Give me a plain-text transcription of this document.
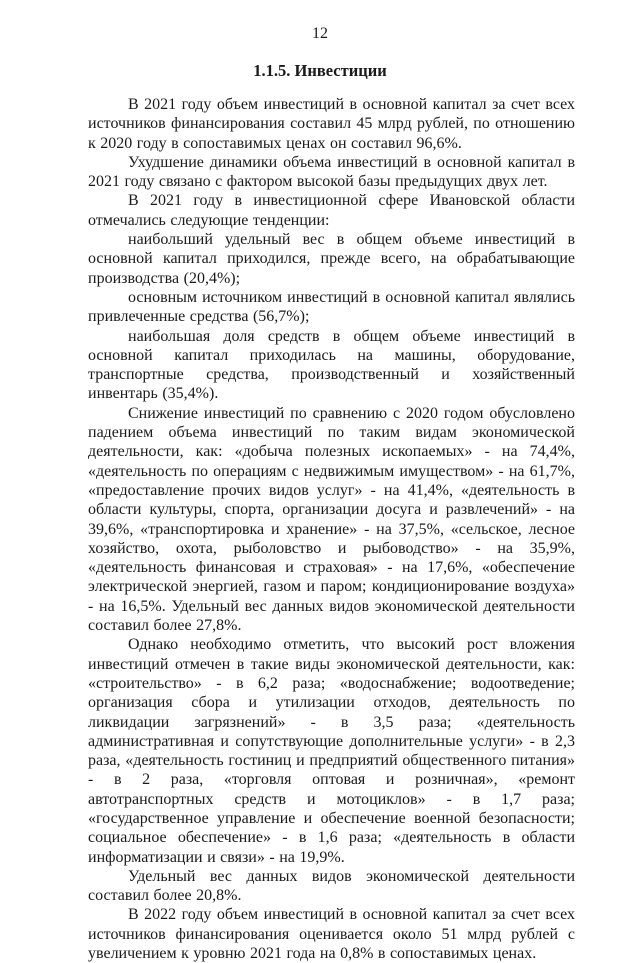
12
1.1.5. Инвестиции

В 2021 году объем инвестиций в основной капитал за счет всех источников финансирования составил 45 млрд рублей, по отношению к 2020 году в сопоставимых ценах он составил 96,6%.

Ухудшение динамики объема инвестиций в основной капитал в 2021 году связано с фактором высокой базы предыдущих двух лет.

В 2021 году в инвестиционной сфере Ивановской области отмечались следующие тенденции:

наибольший удельный вес в общем объеме инвестиций в основной капитал приходился, прежде всего, на обрабатывающие производства (20,4%);

основным источником инвестиций в основной капитал являлись привлеченные средства (56,7%);

наибольшая доля средств в общем объеме инвестиций в основной капитал приходилась на машины, оборудование, транспортные средства, производственный и хозяйственный инвентарь (35,4%).

Снижение инвестиций по сравнению с 2020 годом обусловлено падением объема инвестиций по таким видам экономической деятельности, как: «добыча полезных ископаемых» - на 74,4%, «деятельность по операциям с недвижимым имуществом» - на 61,7%, «предоставление прочих видов услуг» - на 41,4%, «деятельность в области культуры, спорта, организации досуга и развлечений» - на 39,6%, «транспортировка и хранение» - на 37,5%, «сельское, лесное хозяйство, охота, рыболовство и рыбоводство» - на 35,9%, «деятельность финансовая и страховая» - на 17,6%, «обеспечение электрической энергией, газом и паром; кондиционирование воздуха» - на 16,5%. Удельный вес данных видов экономической деятельности составил более 27,8%.

Однако необходимо отметить, что высокий рост вложения инвестиций отмечен в такие виды экономической деятельности, как: «строительство» - в 6,2 раза; «водоснабжение; водоотведение; организация сбора и утилизации отходов, деятельность по ликвидации загрязнений» - в 3,5 раза; «деятельность административная и сопутствующие дополнительные услуги» - в 2,3 раза, «деятельность гостиниц и предприятий общественного питания» - в 2 раза, «торговля оптовая и розничная», «ремонт автотранспортных средств и мотоциклов» - в 1,7 раза; «государственное управление и обеспечение военной безопасности; социальное обеспечение» - в 1,6 раза; «деятельность в области информатизации и связи» - на 19,9%.

Удельный вес данных видов экономической деятельности составил более 20,8%.

В 2022 году объем инвестиций в основной капитал за счет всех источников финансирования оценивается около 51 млрд рублей с увеличением к уровню 2021 года на 0,8% в сопоставимых ценах.
